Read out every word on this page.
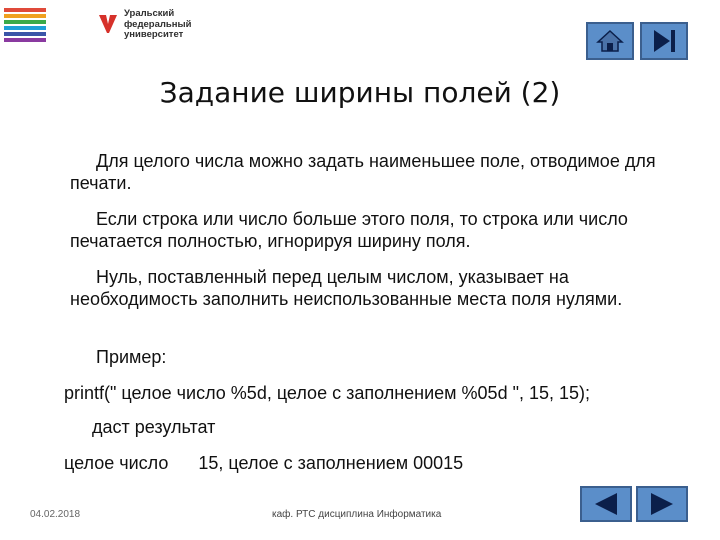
Уральский
федеральный
университет
Задание ширины полей (2)

Для целого числа можно задать наименьшее поле, отводимое для печати.

Если строка или число больше этого поля, то строка или число печатается полностью, игнорируя ширину поля.

Нуль, поставленный перед целым числом, указывает на необходимость заполнить неиспользованные места поля нулями.

Пример:

printf(" целое число %5d, целое с заполнением %05d ", 15, 15);

даст результат

целое число      15, целое с заполнением 00015

04.02.2018	каф. РТС дисциплина Информатика
